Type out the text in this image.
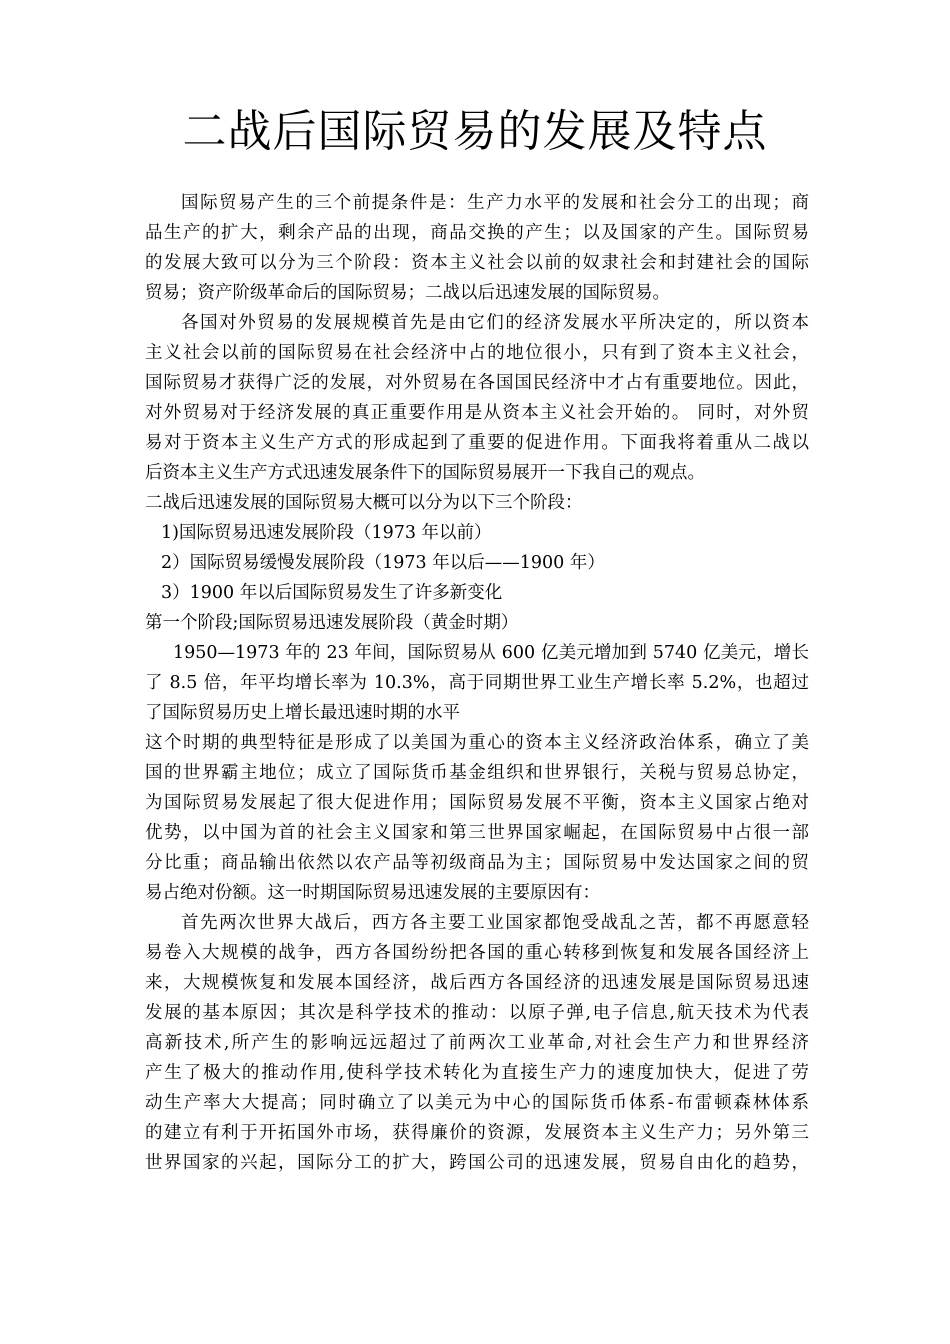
二战后国际贸易的发展及特点
国际贸易产生的三个前提条件是：生产力水平的发展和社会分工的出现；商
品生产的扩大，剩余产品的出现，商品交换的产生；以及国家的产生。国际贸易
的发展大致可以分为三个阶段：资本主义社会以前的奴隶社会和封建社会的国际
贸易；资产阶级革命后的国际贸易；二战以后迅速发展的国际贸易。
各国对外贸易的发展规模首先是由它们的经济发展水平所决定的，所以资本
主义社会以前的国际贸易在社会经济中占的地位很小，只有到了资本主义社会，
国际贸易才获得广泛的发展，对外贸易在各国国民经济中才占有重要地位。因此，
对外贸易对于经济发展的真正重要作用是从资本主义社会开始的。 同时，对外贸
易对于资本主义生产方式的形成起到了重要的促进作用。下面我将着重从二战以
后资本主义生产方式迅速发展条件下的国际贸易展开一下我自己的观点。
二战后迅速发展的国际贸易大概可以分为以下三个阶段：
1)国际贸易迅速发展阶段（1973 年以前）
2）国际贸易缓慢发展阶段（1973 年以后——1900 年）
3）1900 年以后国际贸易发生了许多新变化
第一个阶段;国际贸易迅速发展阶段（黄金时期）
1950—1973 年的 23 年间，国际贸易从 600 亿美元增加到 5740 亿美元，增长
了 8.5 倍，年平均增长率为 10.3%，高于同期世界工业生产增长率 5.2%，也超过
了国际贸易历史上增长最迅速时期的水平
这个时期的典型特征是形成了以美国为重心的资本主义经济政治体系，确立了美
国的世界霸主地位；成立了国际货币基金组织和世界银行，关税与贸易总协定，
为国际贸易发展起了很大促进作用；国际贸易发展不平衡，资本主义国家占绝对
优势，以中国为首的社会主义国家和第三世界国家崛起，在国际贸易中占很一部
分比重；商品输出依然以农产品等初级商品为主；国际贸易中发达国家之间的贸
易占绝对份额。这一时期国际贸易迅速发展的主要原因有：
首先两次世界大战后，西方各主要工业国家都饱受战乱之苦，都不再愿意轻
易卷入大规模的战争，西方各国纷纷把各国的重心转移到恢复和发展各国经济上
来，大规模恢复和发展本国经济，战后西方各国经济的迅速发展是国际贸易迅速
发展的基本原因；其次是科学技术的推动：以原子弹,电子信息,航天技术为代表
高新技术,所产生的影响远远超过了前两次工业革命,对社会生产力和世界经济
产生了极大的推动作用,使科学技术转化为直接生产力的速度加快大，促进了劳
动生产率大大提高；同时确立了以美元为中心的国际货币体系-布雷顿森林体系
的建立有利于开拓国外市场，获得廉价的资源，发展资本主义生产力；另外第三
世界国家的兴起，国际分工的扩大，跨国公司的迅速发展，贸易自由化的趋势，
